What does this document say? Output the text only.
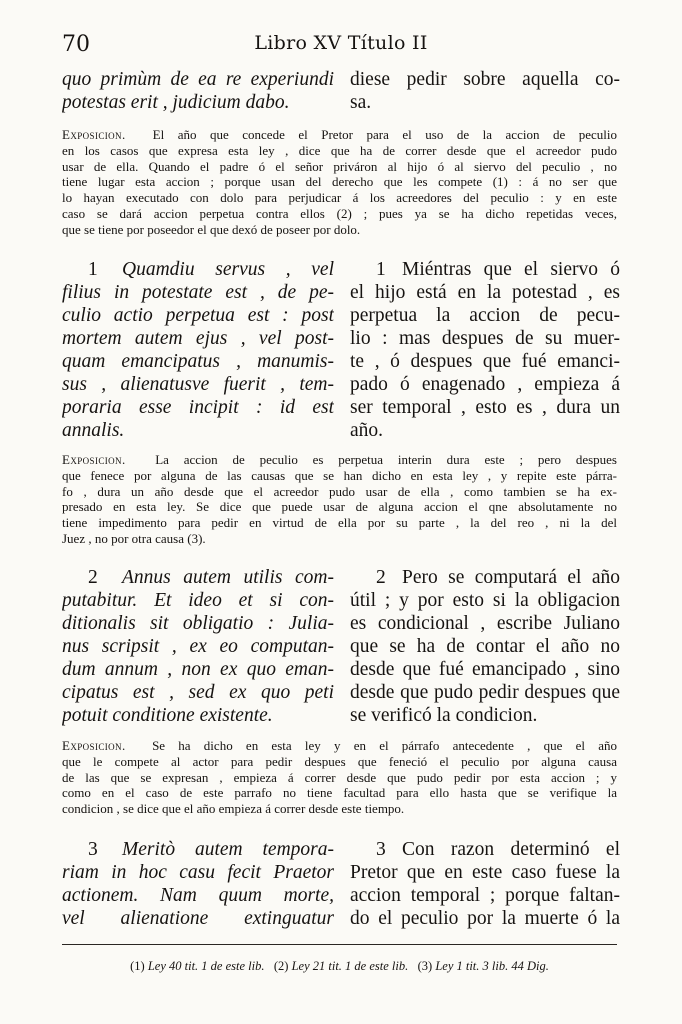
70	Libro XV Título II
quo primùm de ea re experiundi
potestas erit , judicium dabo.
diese pedir sobre aquella co-
sa.
Exposicion. El año que concede el Pretor para el uso de la accion de peculio
en los casos que expresa esta ley , dice que ha de correr desde que el acreedor pudo
usar de ella. Quando el padre ó el señor priváron al hijo ó al siervo del peculio , no
tiene lugar esta accion ; porque usan del derecho que les compete (1) : á no ser que
lo hayan executado con dolo para perjudicar á los acreedores del peculio : y en este
caso se dará accion perpetua contra ellos (2) ; pues ya se ha dicho repetidas veces,
que se tiene por poseedor el que dexó de poseer por dolo.
1 Quamdiu servus , vel
filius in potestate est , de pe-
culio actio perpetua est : post
mortem autem ejus , vel post-
quam emancipatus , manumis-
sus , alienatusve fuerit , tem-
poraria esse incipit : id est
annalis.
1 Miéntras que el siervo ó
el hijo está en la potestad , es
perpetua la accion de pecu-
lio : mas despues de su muer-
te , ó despues que fué emanci-
pado ó enagenado , empieza á
ser temporal , esto es , dura un
año.
Exposicion. La accion de peculio es perpetua interin dura este ; pero despues
que fenece por alguna de las causas que se han dicho en esta ley , y repite este párra-
fo , dura un año desde que el acreedor pudo usar de ella , como tambien se ha ex-
presado en esta ley. Se dice que puede usar de alguna accion el qne absolutamente no
tiene impedimento para pedir en virtud de ella por su parte , la del reo , ni la del
Juez , no por otra causa (3).
2 Annus autem utilis com-
putabitur. Et ideo et si con-
ditionalis sit obligatio : Julia-
nus scripsit , ex eo computan-
dum annum , non ex quo eman-
cipatus est , sed ex quo peti
potuit conditione existente.
2 Pero se computará el año
útil ; y por esto si la obligacion
es condicional , escribe Juliano
que se ha de contar el año no
desde que fué emancipado , sino
desde que pudo pedir despues que
se verificó la condicion.
Exposicion. Se ha dicho en esta ley y en el párrafo antecedente , que el año
que le compete al actor para pedir despues que feneció el peculio por alguna causa
de las que se expresan , empieza á correr desde que pudo pedir por esta accion ; y
como en el caso de este parrafo no tiene facultad para ello hasta que se verifique la
condicion , se dice que el año empieza á correr desde este tiempo.
3 Meritò autem tempora-
riam in hoc casu fecit Praetor
actionem. Nam quum morte,
vel alienatione extinguatur
3 Con razon determinó el
Pretor que en este caso fuese la
accion temporal ; porque faltan-
do el peculio por la muerte ó la
(1) Ley 40 tit. 1 de este lib. (2) Ley 21 tit. 1 de este lib. (3) Ley 1 tit. 3 lib. 44 Dig.
